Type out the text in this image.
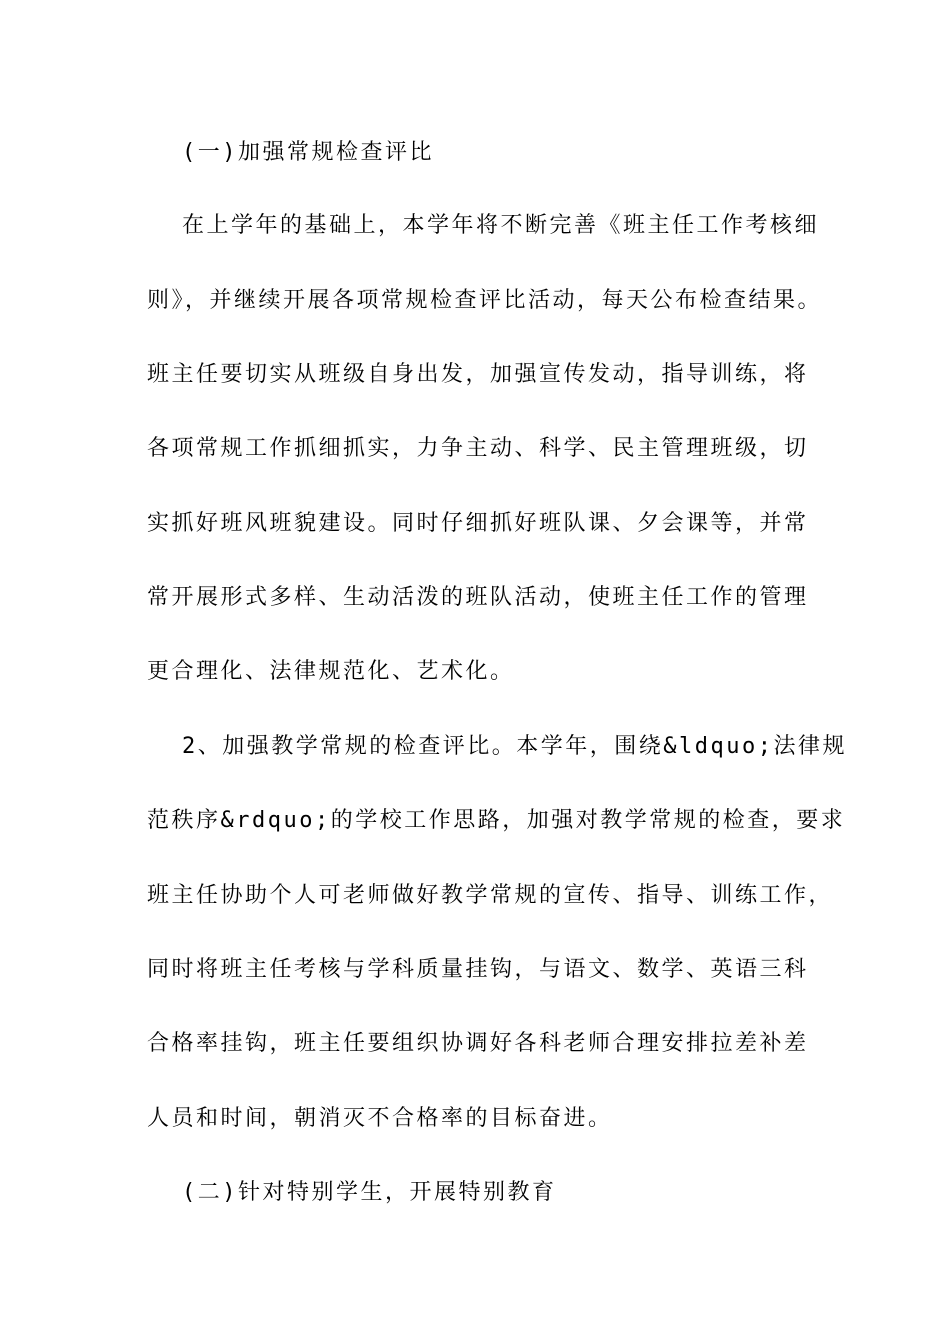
(一)加强常规检查评比
在上学年的基础上，本学年将不断完善《班主任工作考核细
则》，并继续开展各项常规检查评比活动，每天公布检查结果。
班主任要切实从班级自身出发，加强宣传发动，指导训练，将
各项常规工作抓细抓实，力争主动、科学、民主管理班级，切
实抓好班风班貌建设。同时仔细抓好班队课、夕会课等，并常
常开展形式多样、生动活泼的班队活动，使班主任工作的管理
更合理化、法律规范化、艺术化。
2、加强教学常规的检查评比。本学年，围绕&ldquo;法律规
范秩序&rdquo;的学校工作思路，加强对教学常规的检查，要求
班主任协助个人可老师做好教学常规的宣传、指导、训练工作，
同时将班主任考核与学科质量挂钩，与语文、数学、英语三科
合格率挂钩，班主任要组织协调好各科老师合理安排拉差补差
人员和时间，朝消灭不合格率的目标奋进。
(二)针对特别学生，开展特别教育
